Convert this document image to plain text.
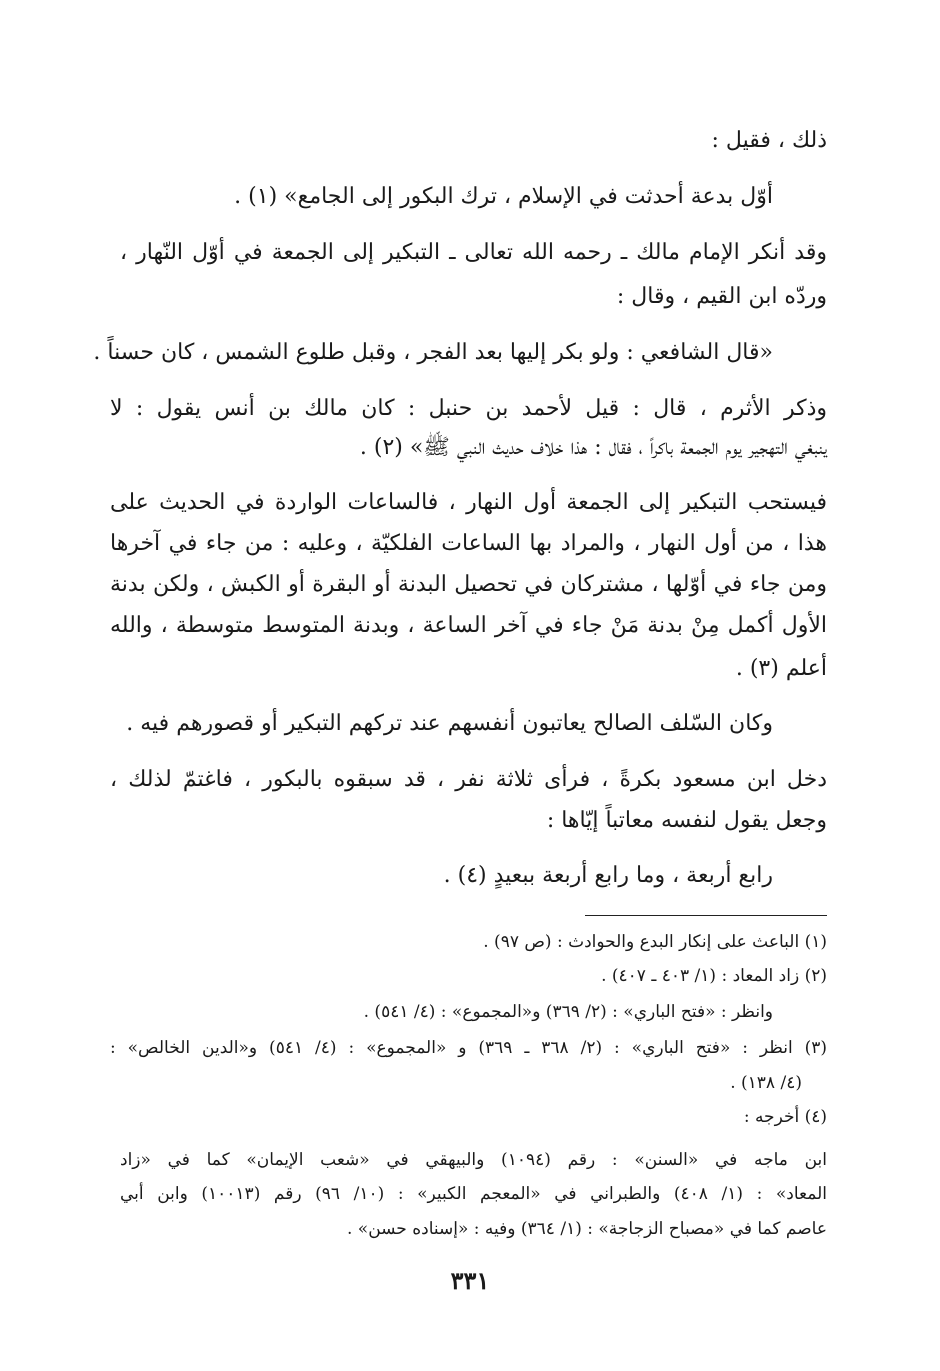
ذلك ، فقيل :
أوّل بدعة أحدثت في الإسلام ، ترك البكور إلى الجامع» (١) .
وقد أنكر الإمام مالك ـ رحمه الله تعالى ـ التبكير إلى الجمعة في أوّل النّهار ،
وردّه ابن القيم ، وقال :
«قال الشافعي : ولو بكر إليها بعد الفجر ، وقبل طلوع الشمس ، كان حسناً .
وذكر الأثرم ، قال : قيل لأحمد بن حنبل : كان مالك بن أنس يقول : لا
ينبغي التهجير يوم الجمعة باكراً ، فقال : هذا خلاف حديث النبي ﷺ» (٢) .
فيستحب التبكير إلى الجمعة أول النهار ، فالساعات الواردة في الحديث على
هذا ، من أول النهار ، والمراد بها الساعات الفلكيّة ، وعليه : من جاء في آخرها
ومن جاء في أوّلها ، مشتركان في تحصيل البدنة أو البقرة أو الكبش ، ولكن بدنة
الأول أكمل مِنْ بدنة مَنْ جاء في آخر الساعة ، وبدنة المتوسط متوسطة ، والله
أعلم (٣) .
وكان السّلف الصالح يعاتبون أنفسهم عند تركهم التبكير أو قصورهم فيه .
دخل ابن مسعود بكرةً ، فرأى ثلاثة نفر ، قد سبقوه بالبكور ، فاغتمّ لذلك ،
وجعل يقول لنفسه معاتباً إيّاها :
رابع أربعة ، وما رابع أربعة ببعيدٍ (٤) .
(١) الباعث على إنكار البدع والحوادث : (ص ٩٧) .
(٢) زاد المعاد : (١/ ٤٠٣ ـ ٤٠٧) .
وانظر : «فتح الباري» : (٢/ ٣٦٩) و«المجموع» : (٤/ ٥٤١) .
(٣) انظر : «فتح الباري» : (٢/ ٣٦٨ ـ ٣٦٩) و «المجموع» : (٤/ ٥٤١) و«الدين الخالص» :
(٤/ ١٣٨) .
(٤) أخرجه :
ابن ماجه في «السنن» : رقم (١٠٩٤) والبيهقي في «شعب الإيمان» كما في «زاد
المعاد» : (١/ ٤٠٨) والطبراني في «المعجم الكبير» : (١٠/ ٩٦) رقم (١٠٠١٣) وابن أبي
عاصم كما في «مصباح الزجاجة» : (١/ ٣٦٤) وفيه : «إسناده حسن» .
٣٣١
